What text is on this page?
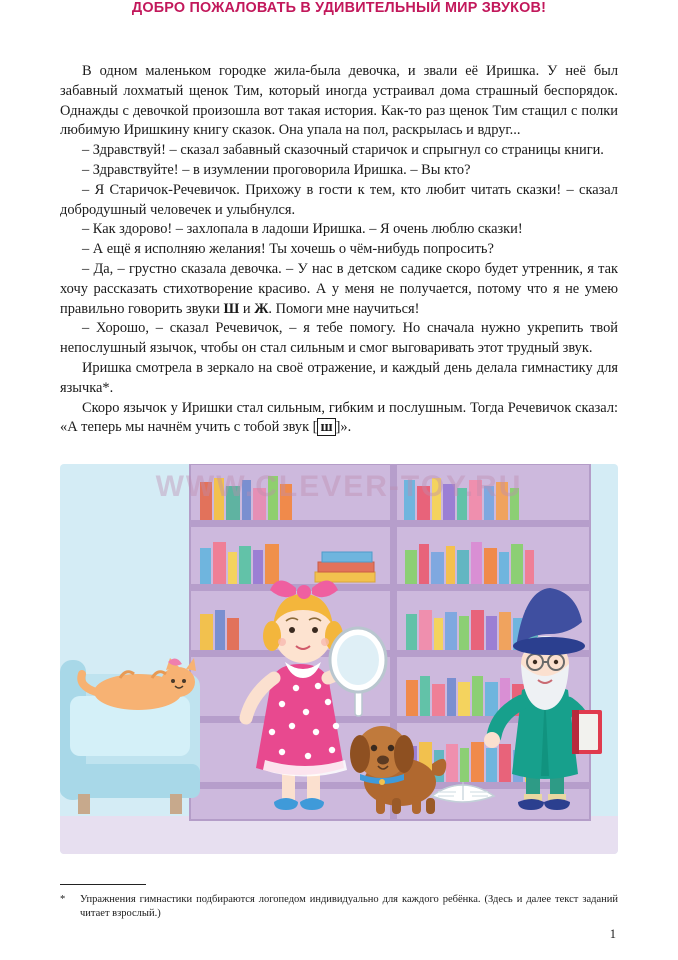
ДОБРО ПОЖАЛОВАТЬ В УДИВИТЕЛЬНЫЙ МИР ЗВУКОВ!

В одном маленьком городке жила-была девочка, и звали её Иришка. У неё был забавный лохматый щенок Тим, который иногда устраивал дома страшный беспорядок. Однажды с девочкой произошла вот такая история. Как-то раз щенок Тим стащил с полки любимую Иришкину книгу сказок. Она упала на пол, раскрылась и вдруг...

– Здравствуй! – сказал забавный сказочный старичок и спрыгнул со страницы книги.

– Здравствуйте! – в изумлении проговорила Иришка. – Вы кто?

– Я Старичок-Речевичок. Прихожу в гости к тем, кто любит читать сказки! – сказал добродушный человечек и улыбнулся.

– Как здорово! – захлопала в ладоши Иришка. – Я очень люблю сказки!

– А ещё я исполняю желания! Ты хочешь о чём-нибудь попросить?

– Да, – грустно сказала девочка. – У нас в детском садике скоро будет утренник, я так хочу рассказать стихотворение красиво. А у меня не получается, потому что я не умею правильно говорить звуки Ш и Ж. Помоги мне научиться!

– Хорошо, – сказал Речевичок, – я тебе помогу. Но сначала нужно укрепить твой непослушный язычок, чтобы он стал сильным и смог выговаривать этот трудный звук.

Иришка смотрела в зеркало на своё отражение, и каждый день делала гимнастику для язычка*.

Скоро язычок у Иришки стал сильным, гибким и послушным. Тогда Речевичок сказал: «А теперь мы начнём учить с тобой звук [ ш ]».

WWW.CLEVER-TOY.RU
*	Упражнения гимнастики подбираются логопедом индивидуально для каждого ребёнка. (Здесь и далее текст заданий читает взрослый.)
1
